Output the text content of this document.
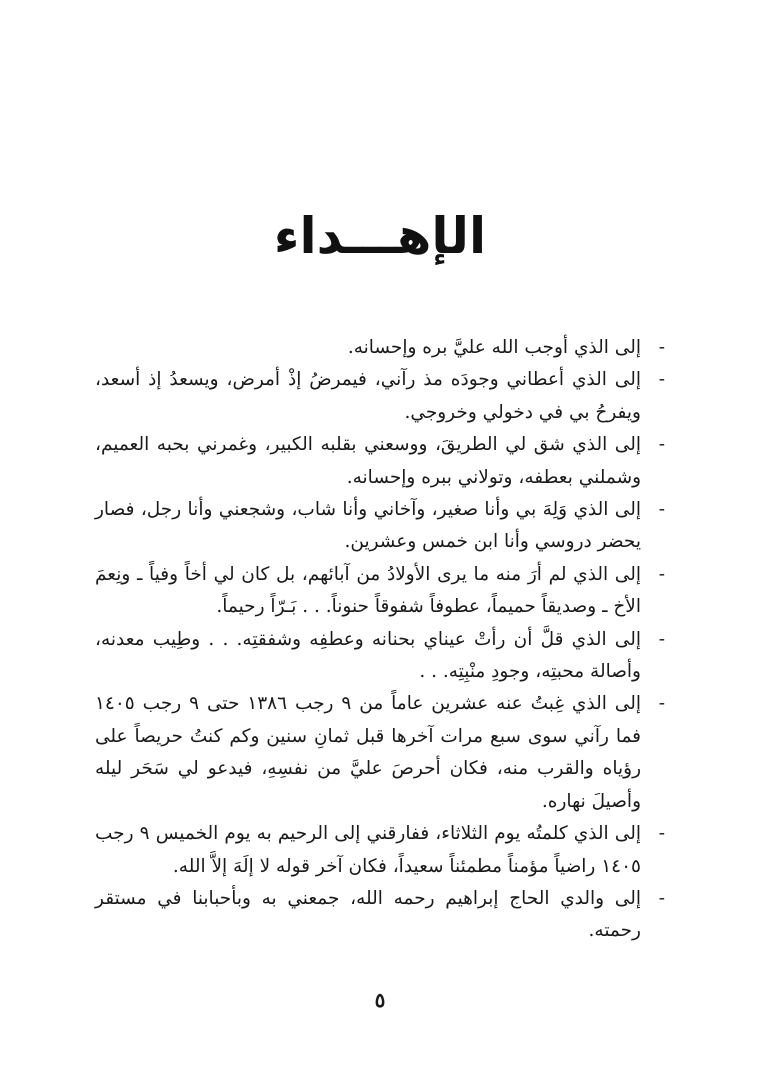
الإهـــداء

-
إلى الذي أوجب الله عليَّ بره وإحسانه.

-
إلى الذي أعطاني وجودَه مذ رآني، فيمرضُ إذْ أمرض، ويسعدُ إذ أسعد، ويفرحُ بي في دخولي وخروجي.

-
إلى الذي شق لي الطريقَ، ووسعني بقلبه الكبير، وغمرني بحبه العميم، وشملني بعطفه، وتولاني ببره وإحسانه.

-
إلى الذي وَلِهَ بي وأنا صغير، وآخاني وأنا شاب، وشجعني وأنا رجل، فصار يحضر دروسي وأنا ابن خمس وعشرين.

-
إلى الذي لم أرَ منه ما يرى الأولادُ من آبائهم، بل كان لي أخاً وفياً ـ ونِعمَ الأخ ـ وصديقاً حميماً، عطوفاً شفوقاً حنوناً. . . بَـرّاً رحيماً.

-
إلى الذي قلَّ أن رأتْ عيناي بحنانه وعطفِه وشفقتِه. . . وطِيب معدنه، وأصالة محبتِه، وجودِ منْبِتِه. . .

-
إلى الذي غِبتُ عنه عشرين عاماً من ٩ رجب ١٣٨٦ حتى ٩ رجب ١٤٠٥ فما رآني سوى سبع مرات آخرها قبل ثمانِ سنين وكم كنتُ حريصاً على رؤياه والقرب منه، فكان أحرصَ عليَّ من نفسِهِ، فيدعو لي سَحَر ليله وأصيلَ نهاره.

-
إلى الذي كلمتُه يوم الثلاثاء، ففارقني إلى الرحيم به يوم الخميس ٩ رجب ١٤٠٥ راضياً مؤمناً مطمئناً سعيداً، فكان آخر قوله لا إلَهَ إلاَّ الله.

-
إلى والدي الحاج إبراهيم رحمه الله، جمعني به وبأحبابنا في مستقر رحمته.

٥
